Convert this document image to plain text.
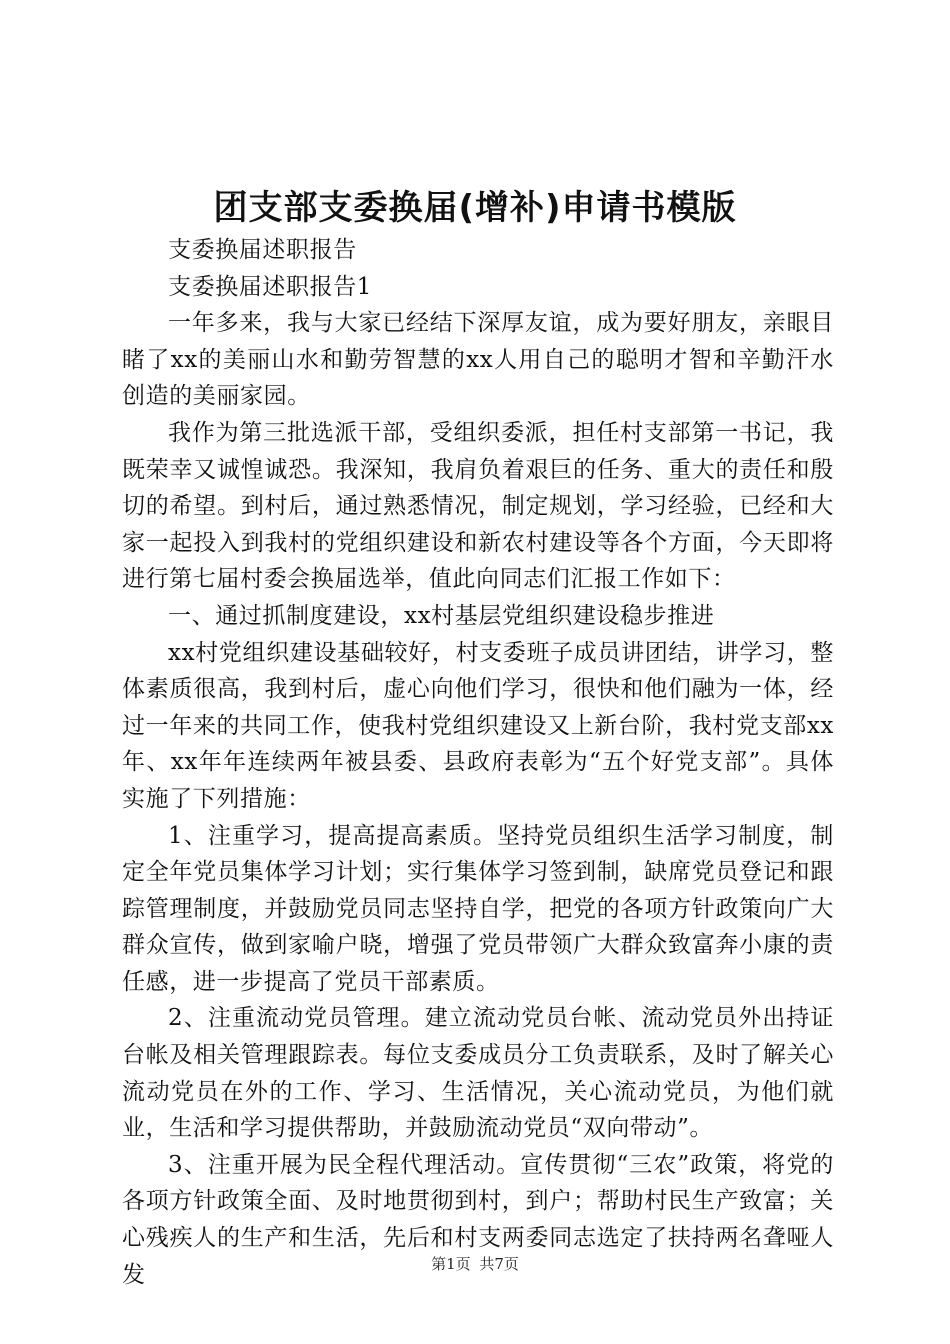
团支部支委换届(增补)申请书模版

支委换届述职报告

支委换届述职报告1

一年多来，我与大家已经结下深厚友谊，成为要好朋友，亲眼目睹了xx的美丽山水和勤劳智慧的xx人用自己的聪明才智和辛勤汗水创造的美丽家园。

我作为第三批选派干部，受组织委派，担任村支部第一书记，我既荣幸又诚惶诚恐。我深知，我肩负着艰巨的任务、重大的责任和殷切的希望。到村后，通过熟悉情况，制定规划，学习经验，已经和大家一起投入到我村的党组织建设和新农村建设等各个方面，今天即将进行第七届村委会换届选举，值此向同志们汇报工作如下：

一、通过抓制度建设，xx村基层党组织建设稳步推进

xx村党组织建设基础较好，村支委班子成员讲团结，讲学习，整体素质很高，我到村后，虚心向他们学习，很快和他们融为一体，经过一年来的共同工作，使我村党组织建设又上新台阶，我村党支部xx年、xx年年连续两年被县委、县政府表彰为“五个好党支部”。具体实施了下列措施：

1、注重学习，提高提高素质。坚持党员组织生活学习制度，制定全年党员集体学习计划；实行集体学习签到制，缺席党员登记和跟踪管理制度，并鼓励党员同志坚持自学，把党的各项方针政策向广大群众宣传，做到家喻户晓，增强了党员带领广大群众致富奔小康的责任感，进一步提高了党员干部素质。

2、注重流动党员管理。建立流动党员台帐、流动党员外出持证台帐及相关管理跟踪表。每位支委成员分工负责联系，及时了解关心流动党员在外的工作、学习、生活情况，关心流动党员，为他们就业，生活和学习提供帮助，并鼓励流动党员“双向带动”。

3、注重开展为民全程代理活动。宣传贯彻“三农”政策，将党的各项方针政策全面、及时地贯彻到村，到户；帮助村民生产致富；关心残疾人的生产和生活，先后和村支两委同志选定了扶持两名聋哑人发	第1页 共7页
